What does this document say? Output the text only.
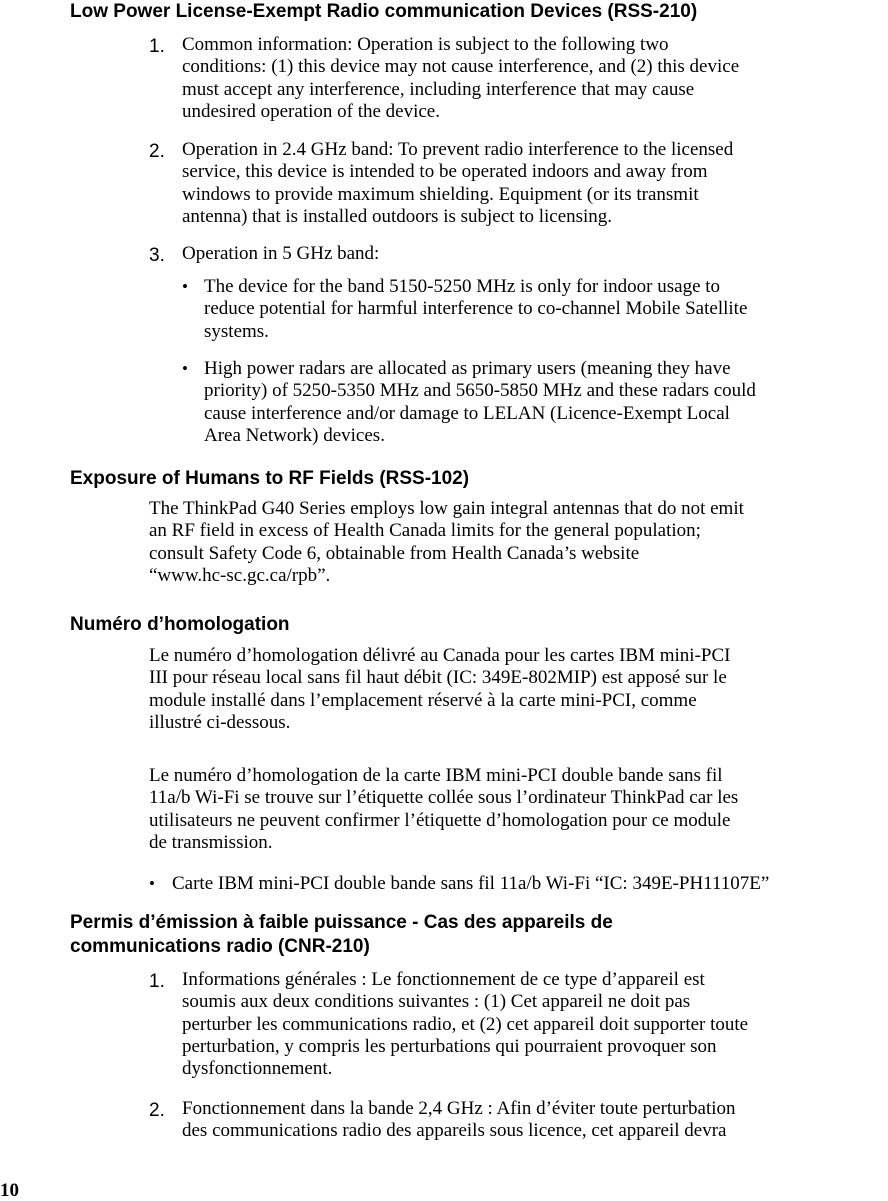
Low Power License-Exempt Radio communication Devices (RSS-210)
1. Common information: Operation is subject to the following two
conditions: (1) this device may not cause interference, and (2) this device
must accept any interference, including interference that may cause
undesired operation of the device.
2. Operation in 2.4 GHz band: To prevent radio interference to the licensed
service, this device is intended to be operated indoors and away from
windows to provide maximum shielding. Equipment (or its transmit
antenna) that is installed outdoors is subject to licensing.
3. Operation in 5 GHz band:
• The device for the band 5150-5250 MHz is only for indoor usage to
reduce potential for harmful interference to co-channel Mobile Satellite
systems.
• High power radars are allocated as primary users (meaning they have
priority) of 5250-5350 MHz and 5650-5850 MHz and these radars could
cause interference and/or damage to LELAN (Licence-Exempt Local
Area Network) devices.
Exposure of Humans to RF Fields (RSS-102)
The ThinkPad G40 Series employs low gain integral antennas that do not emit
an RF field in excess of Health Canada limits for the general population;
consult Safety Code 6, obtainable from Health Canada’s website
“www.hc-sc.gc.ca/rpb”.
Numéro d’homologation
Le numéro d’homologation délivré au Canada pour les cartes IBM mini-PCI
III pour réseau local sans fil haut débit (IC: 349E-802MIP) est apposé sur le
module installé dans l’emplacement réservé à la carte mini-PCI, comme
illustré ci-dessous.
Le numéro d’homologation de la carte IBM mini-PCI double bande sans fil
11a/b Wi-Fi se trouve sur l’étiquette collée sous l’ordinateur ThinkPad car les
utilisateurs ne peuvent confirmer l’étiquette d’homologation pour ce module
de transmission.
• Carte IBM mini-PCI double bande sans fil 11a/b Wi-Fi “IC: 349E-PH11107E”
Permis d’émission à faible puissance - Cas des appareils de
communications radio (CNR-210)
1. Informations générales : Le fonctionnement de ce type d’appareil est
soumis aux deux conditions suivantes : (1) Cet appareil ne doit pas
perturber les communications radio, et (2) cet appareil doit supporter toute
perturbation, y compris les perturbations qui pourraient provoquer son
dysfonctionnement.
2. Fonctionnement dans la bande 2,4 GHz : Afin d’éviter toute perturbation
des communications radio des appareils sous licence, cet appareil devra
10
